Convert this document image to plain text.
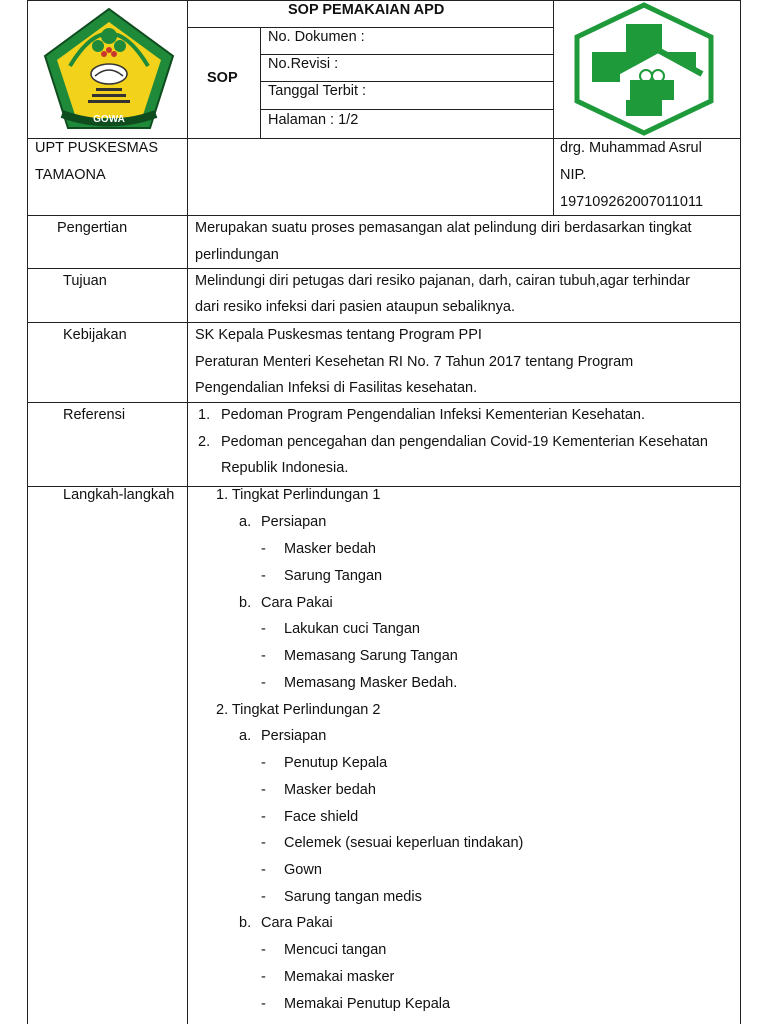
GOWA
SOP PEMAKAIAN APD
SOP
No. Dokumen :
No.Revisi :
Tanggal Terbit :
Halaman : 1/2
UPT PUSKESMAS
TAMAONA
drg. Muhammad Asrul
NIP.
197109262007011011
Pengertian	Merupakan suatu proses pemasangan alat pelindung diri berdasarkan tingkat
perlindungan
Tujuan	Melindungi diri petugas dari resiko pajanan, darh, cairan tubuh,agar terhindar
dari resiko infeksi dari pasien ataupun sebaliknya.
Kebijakan	SK Kepala Puskesmas tentang Program PPI
Peraturan Menteri Kesehetan RI No. 7 Tahun 2017 tentang Program
Pengendalian Infeksi di Fasilitas kesehatan.
Referensi	1. Pedoman Program Pengendalian Infeksi Kementerian Kesehatan.
2. Pedoman pencegahan dan pengendalian Covid-19 Kementerian Kesehatan
Republik Indonesia.
Langkah-langkah	1. Tingkat Perlindungan 1
a. Persiapan
- Masker bedah
- Sarung Tangan
b. Cara Pakai
- Lakukan cuci Tangan
- Memasang Sarung Tangan
- Memasang Masker Bedah.
2. Tingkat Perlindungan 2
a. Persiapan
- Penutup Kepala
- Masker bedah
- Face shield
- Celemek (sesuai keperluan tindakan)
- Gown
- Sarung tangan medis
b. Cara Pakai
- Mencuci tangan
- Memakai masker
- Memakai Penutup Kepala
